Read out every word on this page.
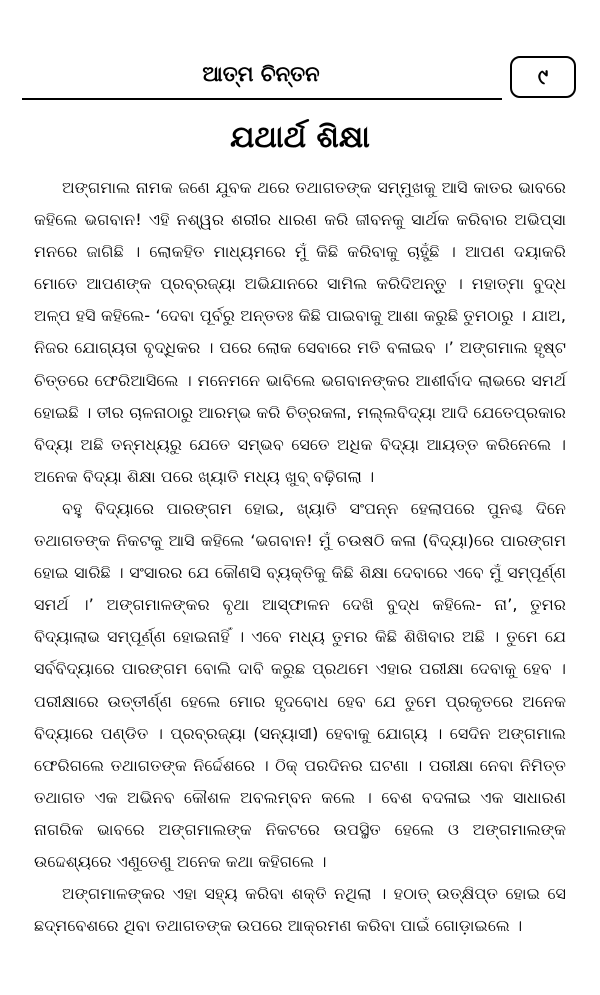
ଆତ୍ମ ଚିନ୍ତନ	୯
ଯଥାର୍ଥ ଶିକ୍ଷା

ଅଙ୍ଗମାଲ ନାମକ ଜଣେ ଯୁବକ ଥରେ ତଥାଗତଙ୍କ ସମ୍ମୁଖକୁ ଆସି କାତର ଭାବରେ କହିଲେ ଭଗବାନ! ଏହି ନଶ୍ୱର ଶରୀର ଧାରଣ କରି ଜୀବନକୁ ସାର୍ଥକ କରିବାର ଅଭିପ୍ସା ମନରେ ଜାଗିଛି । ଲୋକହିତ ମାଧ୍ୟମରେ ମୁଁ କିଛି କରିବାକୁ ଚାହୁଁଛି । ଆପଣ ଦୟାକରି ମୋତେ ଆପଣଙ୍କ ପ୍ରବ୍ରଜ୍ୟା ଅଭିଯାନରେ ସାମିଲ କରିଦିଅନ୍ତୁ । ମହାତ୍ମା ବୁଦ୍ଧ ଅଳ୍ପ ହସି କହିଲେ- ‘ଦେବା ପୂର୍ବରୁ ଅନ୍ତତଃ କିଛି ପାଇବାକୁ ଆଶା କରୁଛି ତୁମଠାରୁ । ଯାଅ, ନିଜର ଯୋଗ୍ୟତା ବୃଦ୍ଧିକର । ପରେ ଲୋକ ସେବାରେ ମତି ବଳାଇବ ।’ ଅଙ୍ଗମାଲ ହୃଷ୍ଟ ଚିତ୍ତରେ ଫେରିଆସିଲେ । ମନେମନେ ଭାବିଲେ ଭଗବାନଙ୍କର ଆଶୀର୍ବାଦ ଲାଭରେ ସମର୍ଥ ହୋଇଛି । ତୀର ଚାଳନାଠାରୁ ଆରମ୍ଭ କରି ଚିତ୍ରକଳା, ମଲ୍ଲବିଦ୍ୟା ଆଦି ଯେତେପ୍ରକାର ବିଦ୍ୟା ଅଛି ତନ୍ମଧ୍ୟରୁ ଯେତେ ସମ୍ଭବ ସେତେ ଅଧିକ ବିଦ୍ୟା ଆୟତ୍ତ କରିନେଲେ । ଅନେକ ବିଦ୍ୟା ଶିକ୍ଷା ପରେ ଖ୍ୟାତି ମଧ୍ୟ ଖୁବ୍ ବଢ଼ିଗଲା ।

ବହୁ ବିଦ୍ୟାରେ ପାରଙ୍ଗମ ହୋଇ, ଖ୍ୟାତି ସଂପନ୍ନ ହେଲାପରେ ପୁନଶ୍ଚ ଦିନେ ତଥାଗତଙ୍କ ନିକଟକୁ ଆସି କହିଲେ ‘ଭଗବାନ! ମୁଁ ଚଉଷଠି କଳା (ବିଦ୍ୟା)ରେ ପାରଙ୍ଗମ ହୋଇ ସାରିଛି । ସଂସାରର ଯେ କୌଣସି ବ୍ୟକ୍ତିକୁ କିଛି ଶିକ୍ଷା ଦେବାରେ ଏବେ ମୁଁ ସମ୍ପୂର୍ଣ୍ଣ ସମର୍ଥ ।’ ଅଙ୍ଗମାଳଙ୍କର ବୃଥା ଆସ୍ଫାଳନ ଦେଖି ବୁଦ୍ଧ କହିଲେ- ନା’, ତୁମର ବିଦ୍ୟାଲାଭ ସମ୍ପୂର୍ଣ୍ଣ ହୋଇନାହିଁ । ଏବେ ମଧ୍ୟ ତୁମର କିଛି ଶିଖିବାର ଅଛି । ତୁମେ ଯେ ସର୍ବବିଦ୍ୟାରେ ପାରଙ୍ଗମ ବୋଲି ଦାବି କରୁଛ ପ୍ରଥମେ ଏହାର ପରୀକ୍ଷା ଦେବାକୁ ହେବ । ପରୀକ୍ଷାରେ ଉତ୍ତୀର୍ଣ୍ଣ ହେଲେ ମୋର ହୃଦବୋଧ ହେବ ଯେ ତୁମେ ପ୍ରକୃତରେ ଅନେକ ବିଦ୍ୟାରେ ପଣ୍ଡିତ । ପ୍ରବ୍ରଜ୍ୟା (ସନ୍ୟାସୀ) ହେବାକୁ ଯୋଗ୍ୟ । ସେଦିନ ଅଙ୍ଗମାଲ ଫେରିଗଲେ ତଥାଗତଙ୍କ ନିର୍ଦ୍ଦେଶରେ । ଠିକ୍ ପରଦିନର ଘଟଣା । ପରୀକ୍ଷା ନେବା ନିମିତ୍ତ ତଥାଗତ ଏକ ଅଭିନବ କୌଶଳ ଅବଲମ୍ବନ କଲେ । ବେଶ ବଦଳାଇ ଏକ ସାଧାରଣ ନାଗରିକ ଭାବରେ ଅଙ୍ଗମାଲଙ୍କ ନିକଟରେ ଉପସ୍ଥିତ ହେଲେ ଓ ଅଙ୍ଗମାଲଙ୍କ ଉଦ୍ଦେଶ୍ୟରେ ଏଣୁତେଣୁ ଅନେକ କଥା କହିଗଲେ ।

ଅଙ୍ଗମାଳଙ୍କର ଏହା ସହ୍ୟ କରିବା ଶକ୍ତି ନଥିଲା । ହଠାତ୍ ଉତ୍କ୍ଷିପ୍ତ ହୋଇ ସେ ଛଦ୍ମବେଶରେ ଥିବା ତଥାଗତଙ୍କ ଉପରେ ଆକ୍ରମଣ କରିବା ପାଇଁ ଗୋଡ଼ାଇଲେ ।
